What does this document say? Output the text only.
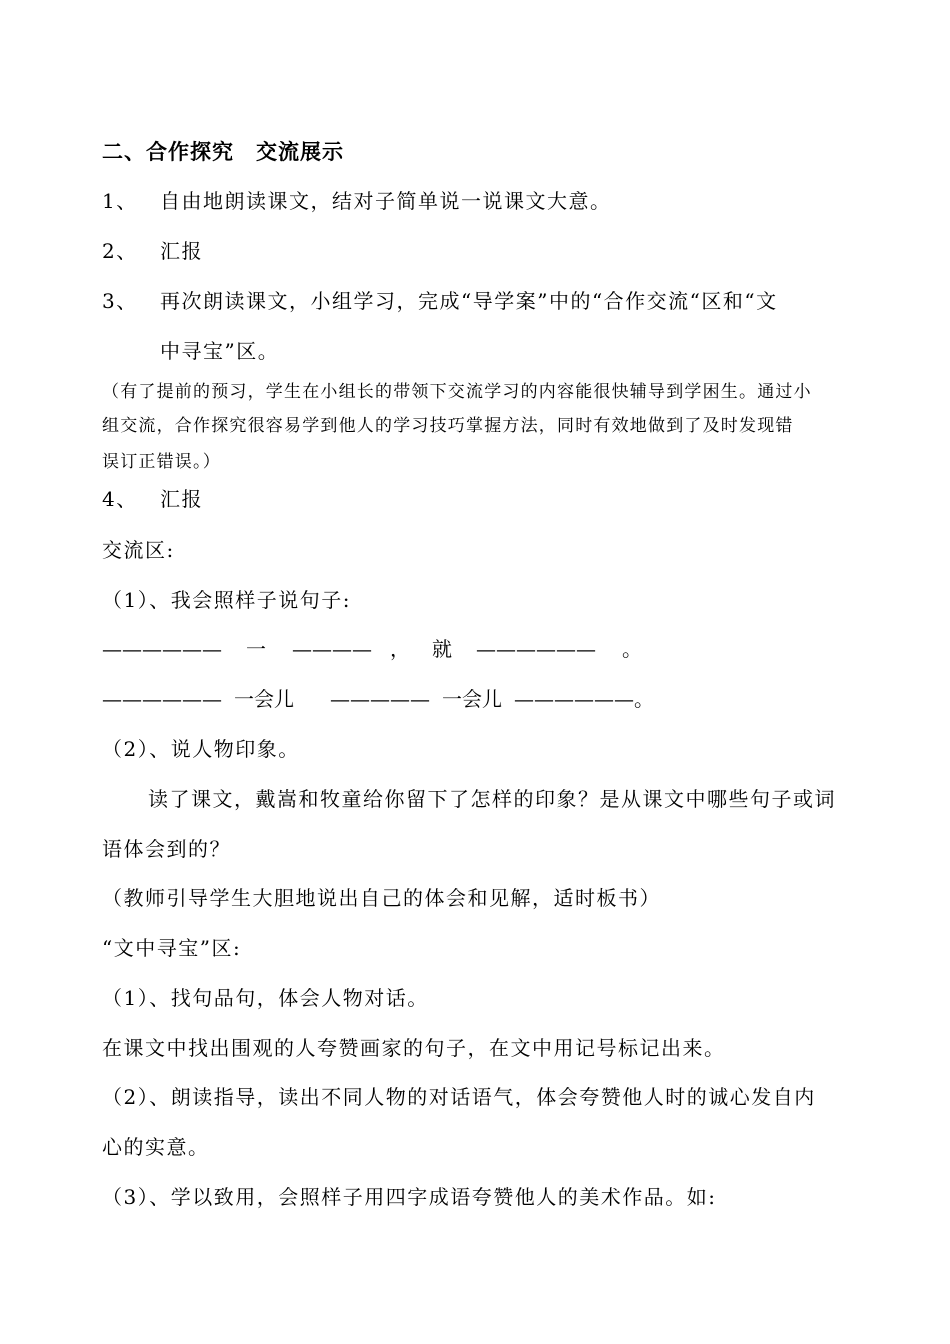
二、合作探究　交流展示
1、 自由地朗读课文，结对子简单说一说课文大意。
2、 汇报
3、 再次朗读课文，小组学习，完成“导学案”中的“合作交流“区和“文
中寻宝”区。
（有了提前的预习，学生在小组长的带领下交流学习的内容能很快辅导到学困生。通过小
组交流，合作探究很容易学到他人的学习技巧掌握方法，同时有效地做到了及时发现错
误订正错误。）
4、 汇报
交流区:
（1）、我会照样子说句子:
—————— 一 ———— ， 就 —————— 。
—————— 一会儿 ————— 一会儿 ——————。
（2）、说人物印象。
读了课文，戴嵩和牧童给你留下了怎样的印象？是从课文中哪些句子或词
语体会到的？
（教师引导学生大胆地说出自己的体会和见解，适时板书）
“文中寻宝”区:
（1）、找句品句，体会人物对话。
在课文中找出围观的人夸赞画家的句子，在文中用记号标记出来。
（2）、朗读指导，读出不同人物的对话语气，体会夸赞他人时的诚心发自内
心的实意。
（3）、学以致用，会照样子用四字成语夸赞他人的美术作品。如:
